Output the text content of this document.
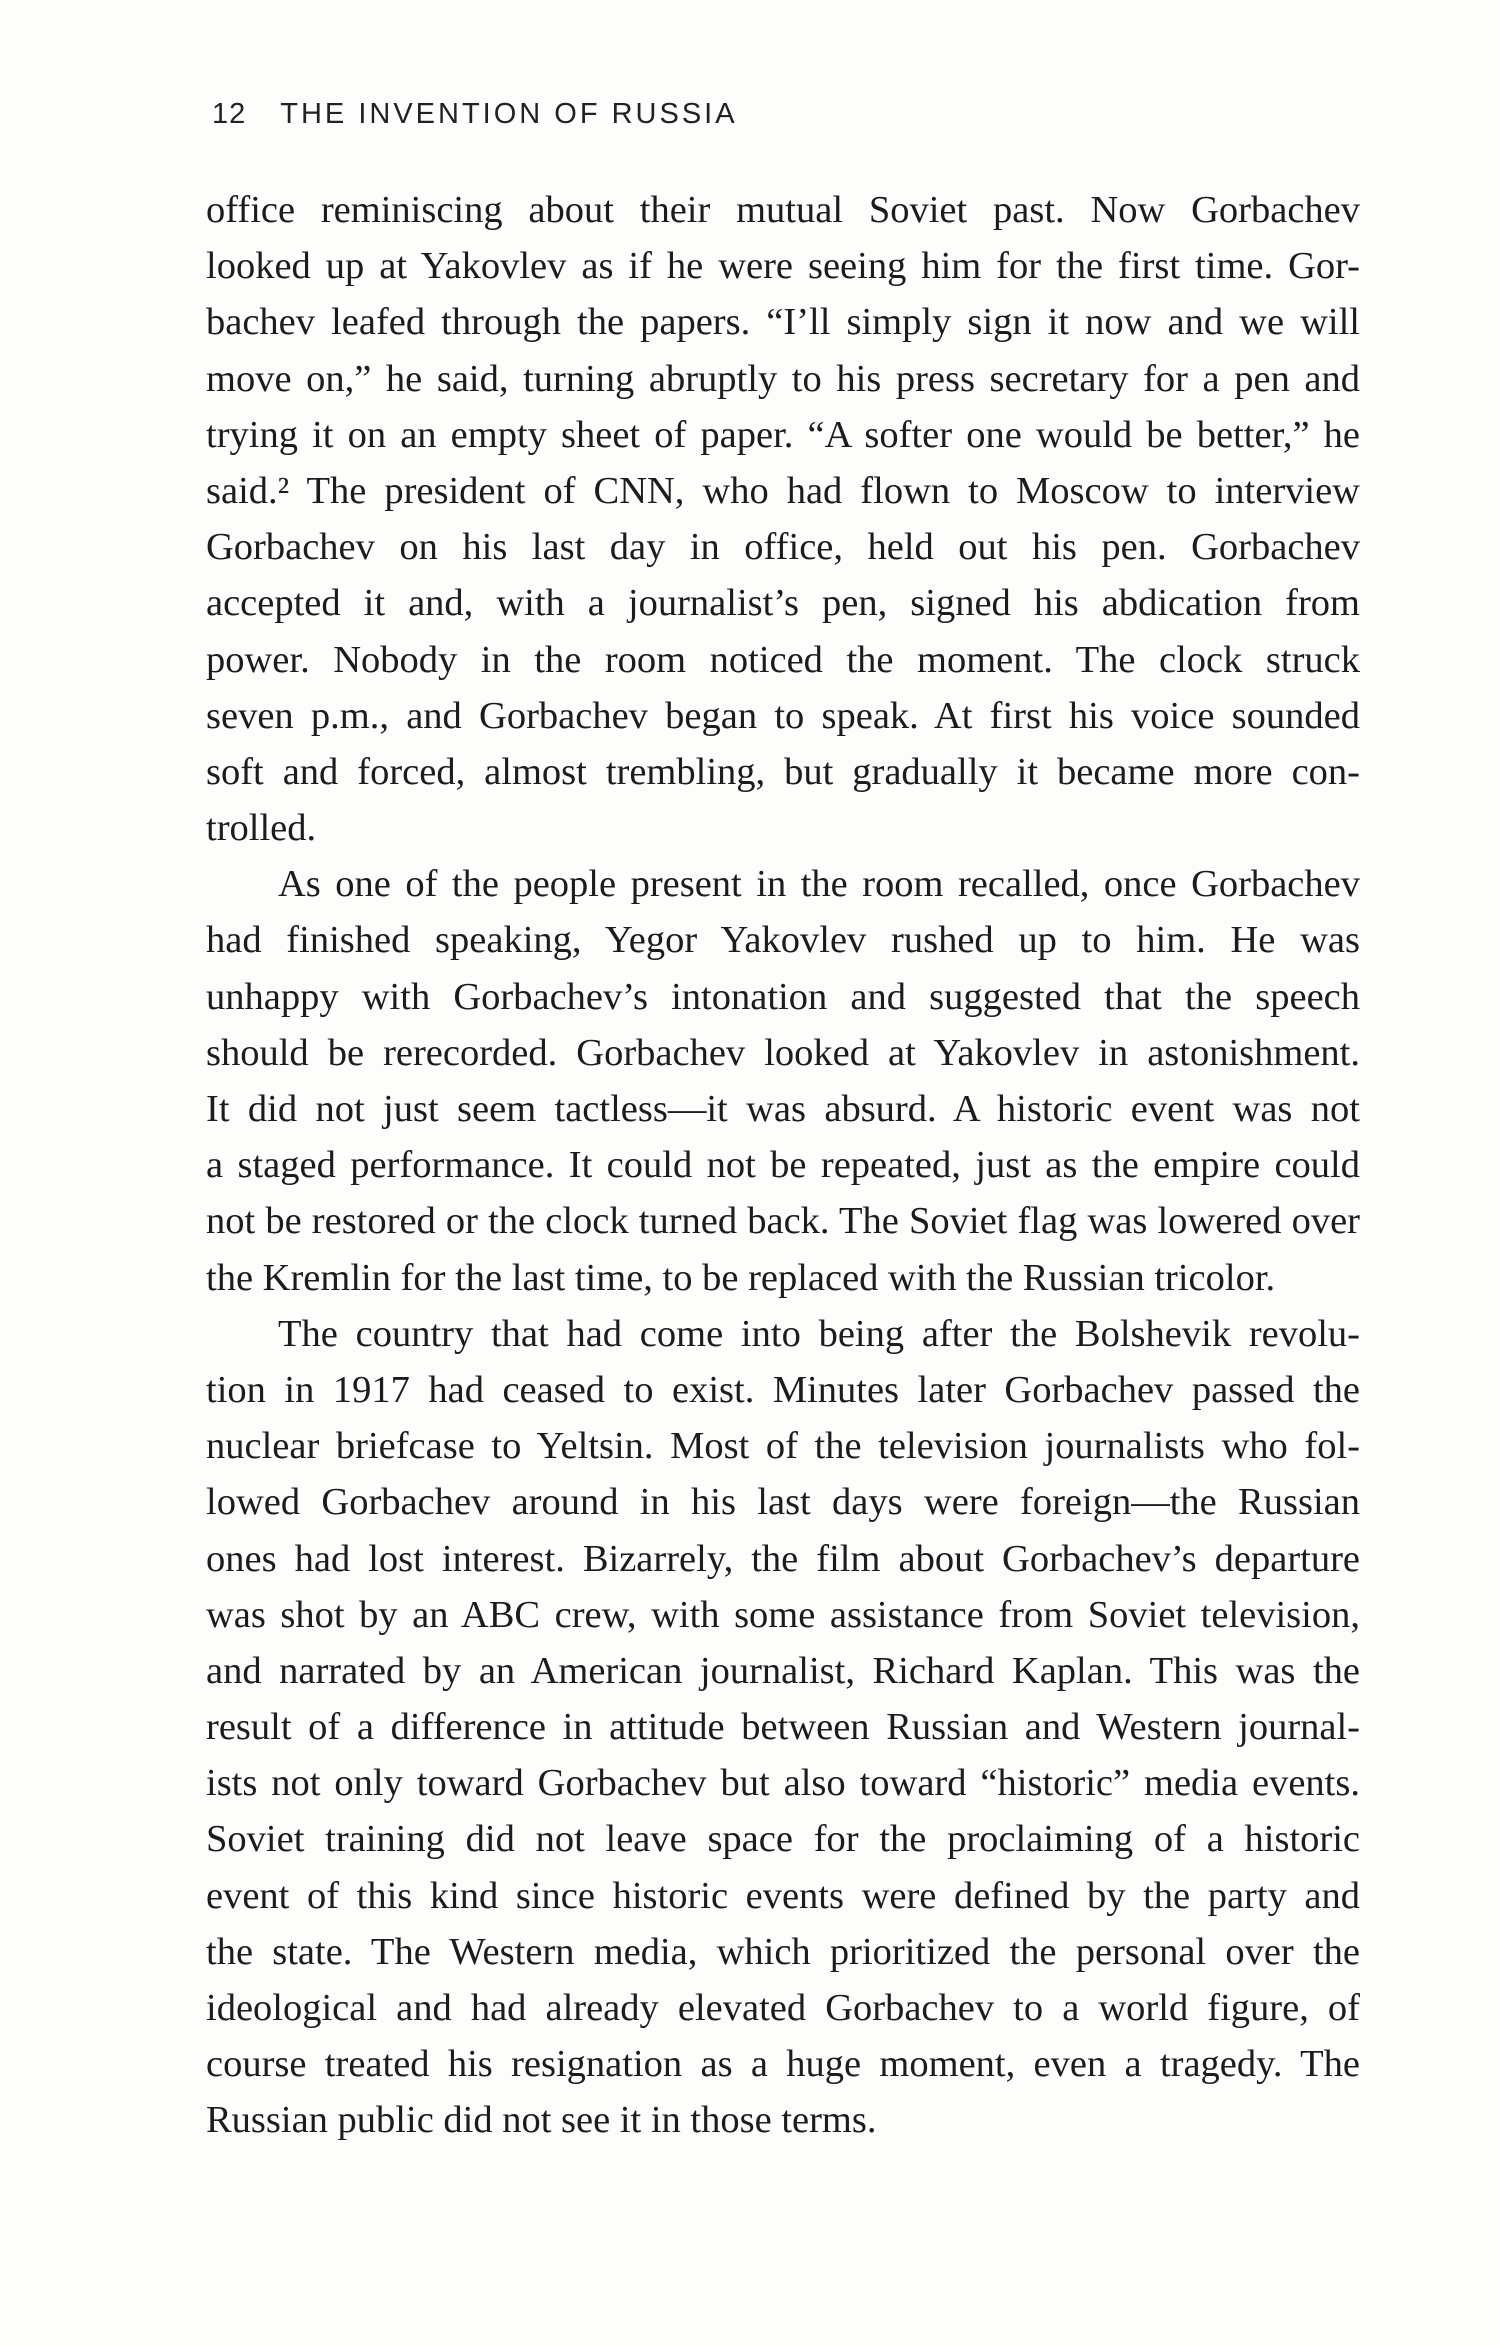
12 THE INVENTION OF RUSSIA
office reminiscing about their mutual Soviet past. Now Gorbachev
looked up at Yakovlev as if he were seeing him for the first time. Gor-
bachev leafed through the papers. “I’ll simply sign it now and we will
move on,” he said, turning abruptly to his press secretary for a pen and
trying it on an empty sheet of paper. “A softer one would be better,” he
said.² The president of CNN, who had flown to Moscow to interview
Gorbachev on his last day in office, held out his pen. Gorbachev
accepted it and, with a journalist’s pen, signed his abdication from
power. Nobody in the room noticed the moment. The clock struck
seven p.m., and Gorbachev began to speak. At first his voice sounded
soft and forced, almost trembling, but gradually it became more con-
trolled.
As one of the people present in the room recalled, once Gorbachev
had finished speaking, Yegor Yakovlev rushed up to him. He was
unhappy with Gorbachev’s intonation and suggested that the speech
should be rerecorded. Gorbachev looked at Yakovlev in astonishment.
It did not just seem tactless—it was absurd. A historic event was not
a staged performance. It could not be repeated, just as the empire could
not be restored or the clock turned back. The Soviet flag was lowered over
the Kremlin for the last time, to be replaced with the Russian tricolor.
The country that had come into being after the Bolshevik revolu-
tion in 1917 had ceased to exist. Minutes later Gorbachev passed the
nuclear briefcase to Yeltsin. Most of the television journalists who fol-
lowed Gorbachev around in his last days were foreign—the Russian
ones had lost interest. Bizarrely, the film about Gorbachev’s departure
was shot by an ABC crew, with some assistance from Soviet television,
and narrated by an American journalist, Richard Kaplan. This was the
result of a difference in attitude between Russian and Western journal-
ists not only toward Gorbachev but also toward “historic” media events.
Soviet training did not leave space for the proclaiming of a historic
event of this kind since historic events were defined by the party and
the state. The Western media, which prioritized the personal over the
ideological and had already elevated Gorbachev to a world figure, of
course treated his resignation as a huge moment, even a tragedy. The
Russian public did not see it in those terms.
